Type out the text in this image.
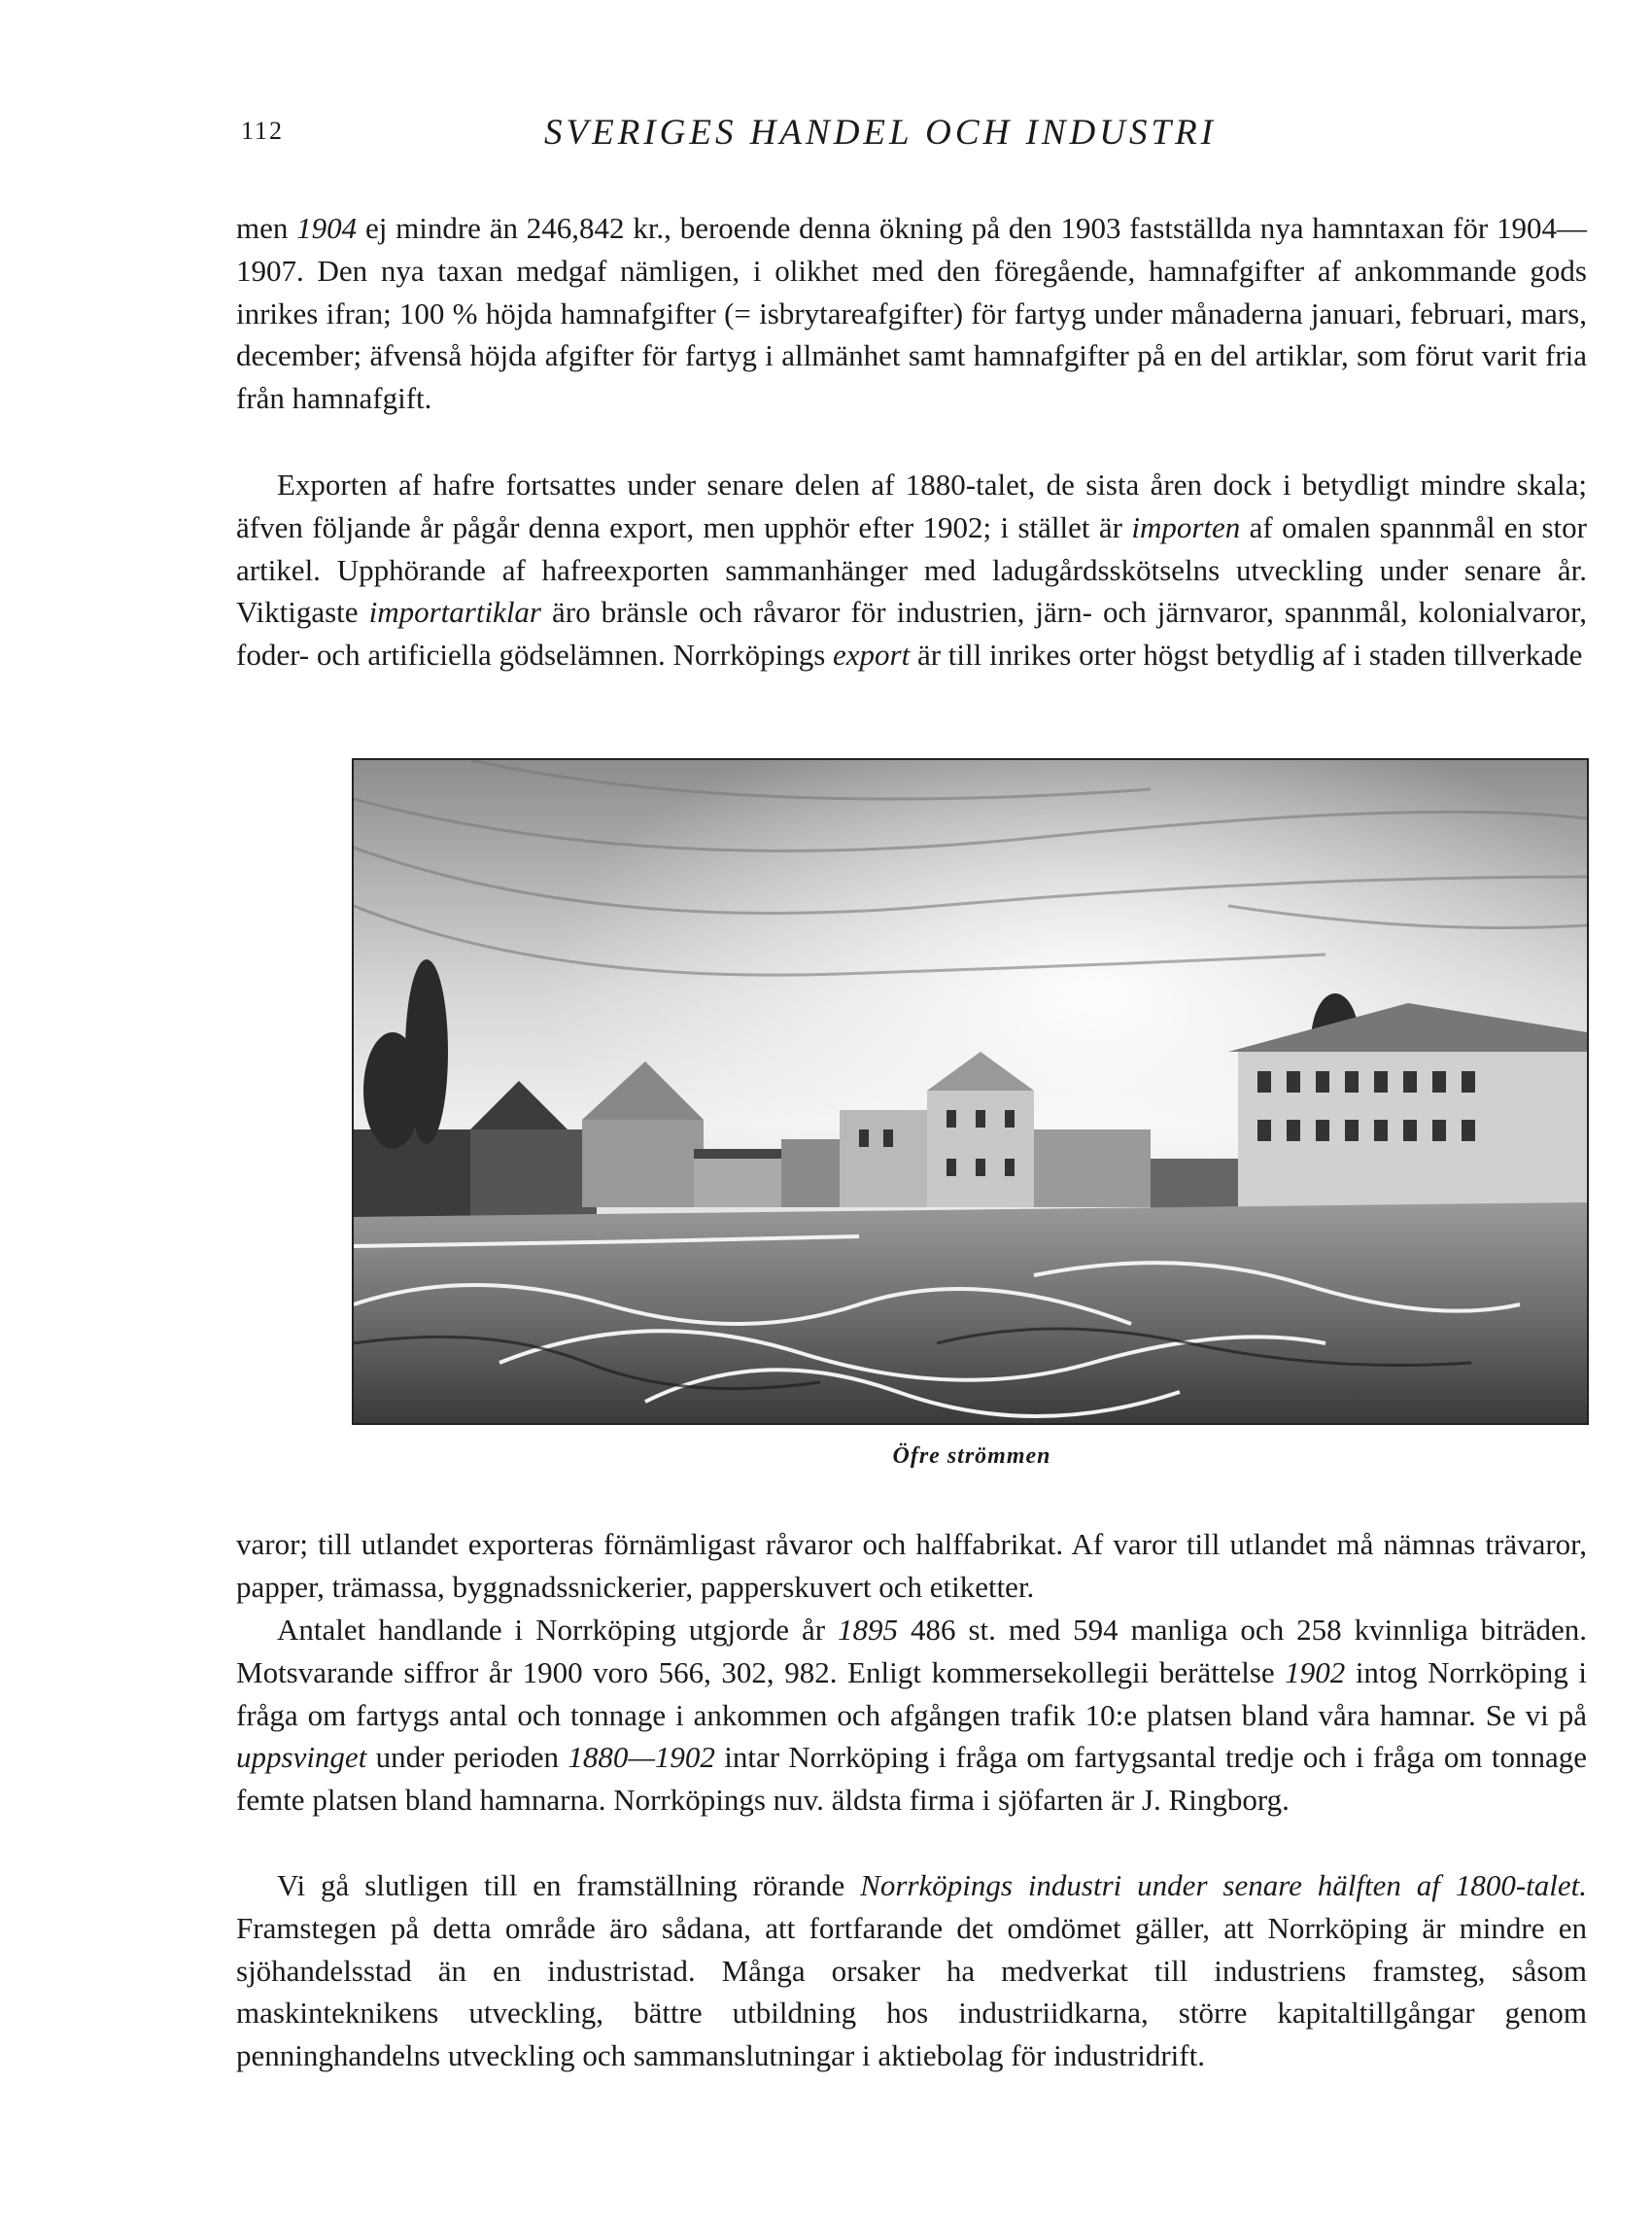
112	SVERIGES HANDEL OCH INDUSTRI

men 1904 ej mindre än 246,842 kr., beroende denna ökning på den 1903 fastställda nya hamntaxan för 1904—1907. Den nya taxan medgaf nämligen, i olikhet med den föregående, hamnafgifter af ankommande gods inrikes ifran; 100 % höjda hamnafgifter (= isbrytareafgifter) för fartyg under månaderna januari, februari, mars, december; äfvenså höjda afgifter för fartyg i allmänhet samt hamnafgifter på en del artiklar, som förut varit fria från hamnafgift.

Exporten af hafre fortsattes under senare delen af 1880-talet, de sista åren dock i betydligt mindre skala; äfven följande år pågår denna export, men upphör efter 1902; i stället är importen af omalen spannmål en stor artikel. Upphörande af hafreexporten sammanhänger med ladugårdsskötselns utveckling under senare år. Viktigaste importartiklar äro bränsle och råvaror för industrien, järn- och järnvaror, spannmål, kolonialvaror, foder- och artificiella gödselämnen. Norrköpings export är till inrikes orter högst betydlig af i staden tillverkade

Öfre strömmen

varor; till utlandet exporteras förnämligast råvaror och halffabrikat. Af varor till utlandet må nämnas trävaror, papper, trämassa, byggnadssnickerier, papperskuvert och etiketter.

Antalet handlande i Norrköping utgjorde år 1895 486 st. med 594 manliga och 258 kvinnliga biträden. Motsvarande siffror år 1900 voro 566, 302, 982. Enligt kommersekollegii berättelse 1902 intog Norrköping i fråga om fartygs antal och tonnage i ankommen och afgången trafik 10:e platsen bland våra hamnar. Se vi på uppsvinget under perioden 1880—1902 intar Norrköping i fråga om fartygsantal tredje och i fråga om tonnage femte platsen bland hamnarna. Norrköpings nuv. äldsta firma i sjöfarten är J. Ringborg.

Vi gå slutligen till en framställning rörande Norrköpings industri under senare hälften af 1800-talet. Framstegen på detta område äro sådana, att fortfarande det omdömet gäller, att Norrköping är mindre en sjöhandelsstad än en industristad. Många orsaker ha medverkat till industriens framsteg, såsom maskinteknikens utveckling, bättre utbildning hos industriidkarna, större kapitaltillgångar genom penninghandelns utveckling och sammanslutningar i aktiebolag för industridrift.
